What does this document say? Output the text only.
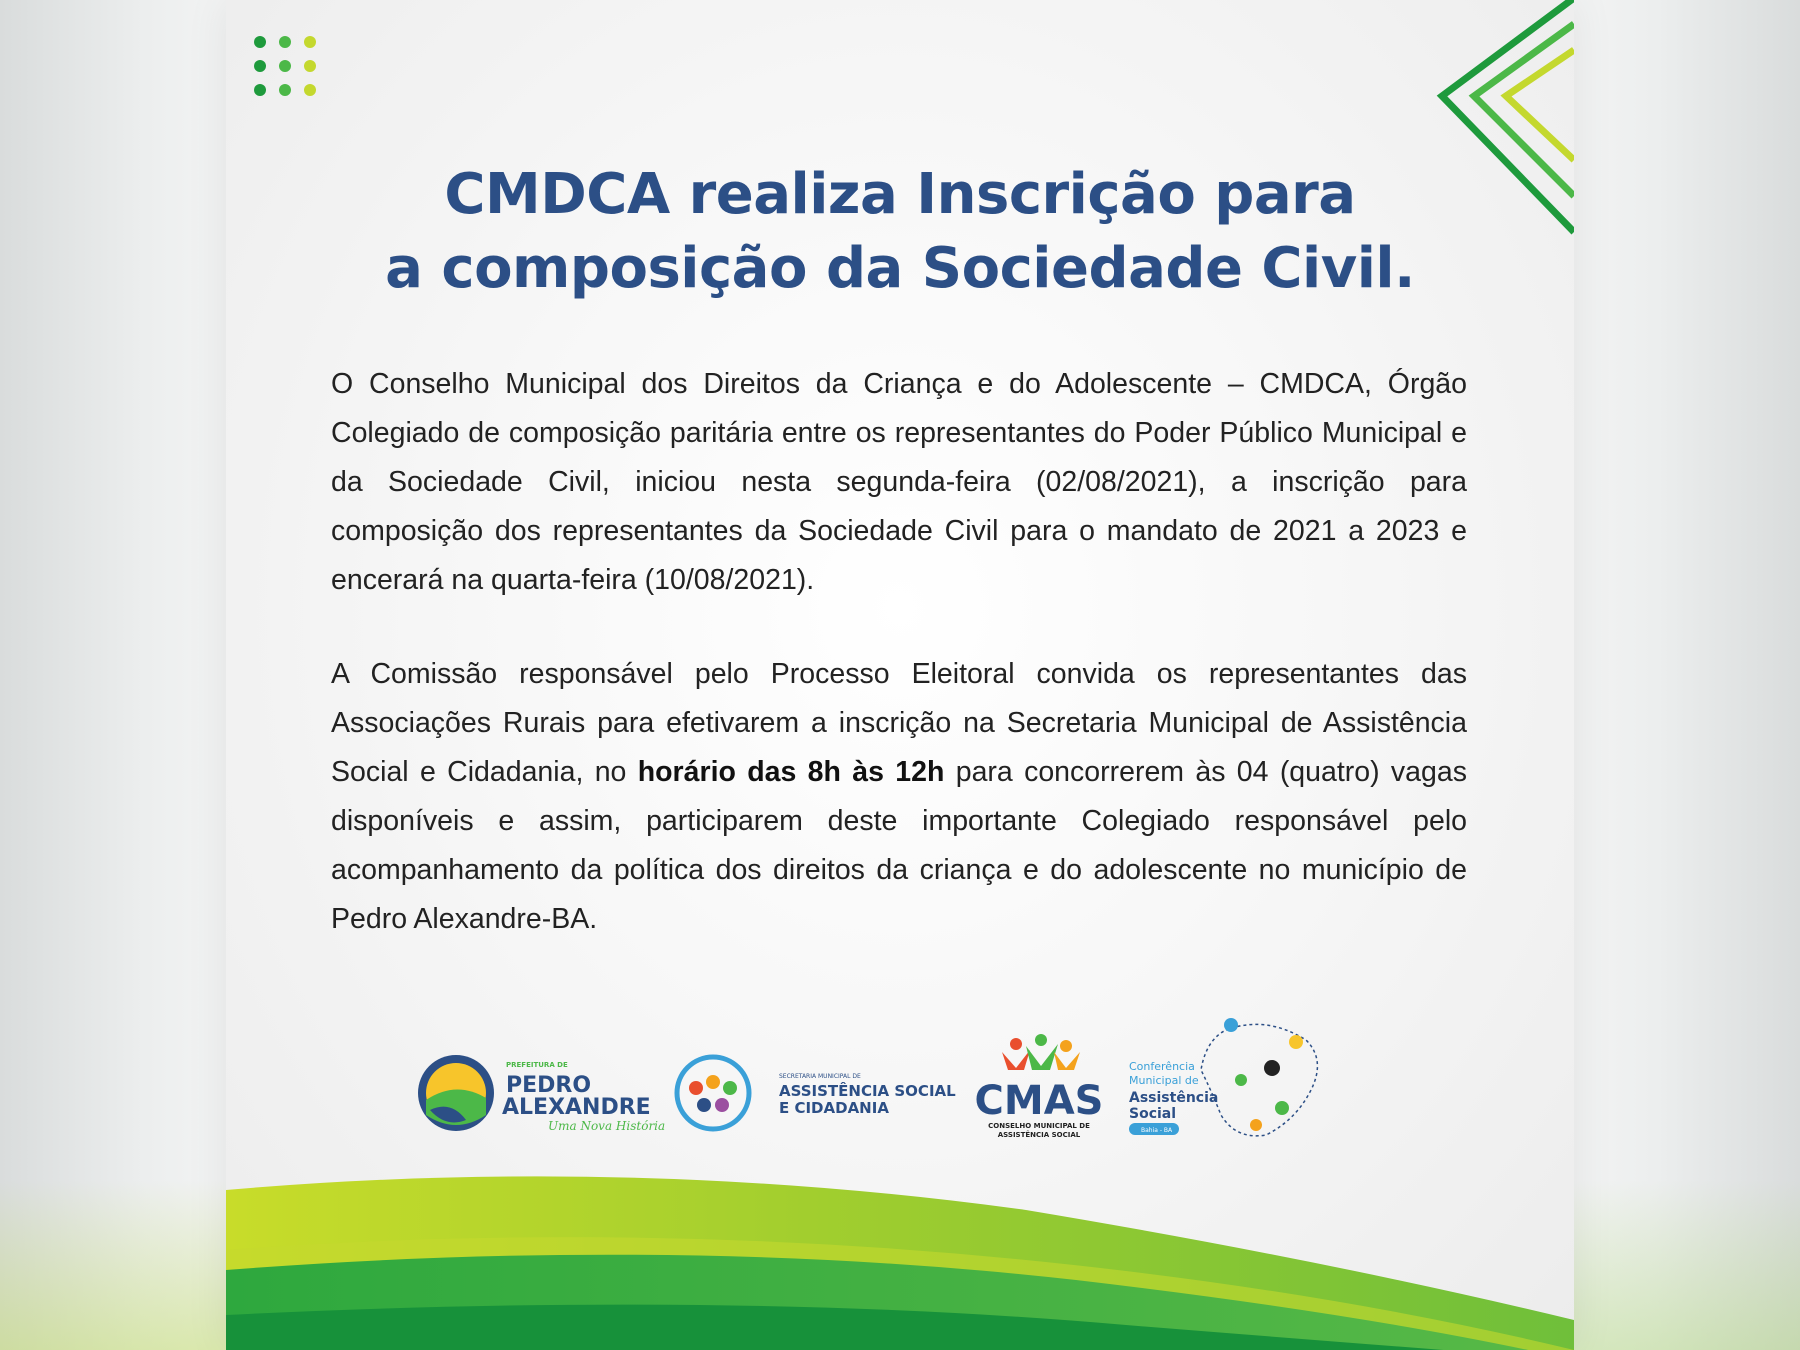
CMDCA realiza Inscrição para
a composição da Sociedade Civil.

O Conselho Municipal dos Direitos da Criança e do Adolescente – CMDCA, Órgão Colegiado de composição paritária entre os representantes do Poder Público Municipal e da Sociedade Civil, iniciou nesta segunda-feira (02/08/2021), a inscrição para composição dos representantes da Sociedade Civil para o mandato de 2021 a 2023 e encerará na quarta-feira (10/08/2021).

A Comissão responsável pelo Processo Eleitoral convida os representantes das Associações Rurais para efetivarem a inscrição na Secretaria Municipal de Assistência Social e Cidadania, no horário das 8h às 12h para concorrerem às 04 (quatro) vagas disponíveis e assim, participarem deste importante Colegiado responsável pelo acompanhamento da política dos direitos da criança e do adolescente no município de Pedro Alexandre-BA.

PREFEITURA DE
PEDRO
ALEXANDRE
Uma Nova História
SECRETARIA MUNICIPAL DE
ASSISTÊNCIA SOCIAL
E CIDADANIA CMAS
CONSELHO MUNICIPAL DE
ASSISTÊNCIA SOCIAL
Conferência
Municipal de
Assistência
Social
Bahia - BA
